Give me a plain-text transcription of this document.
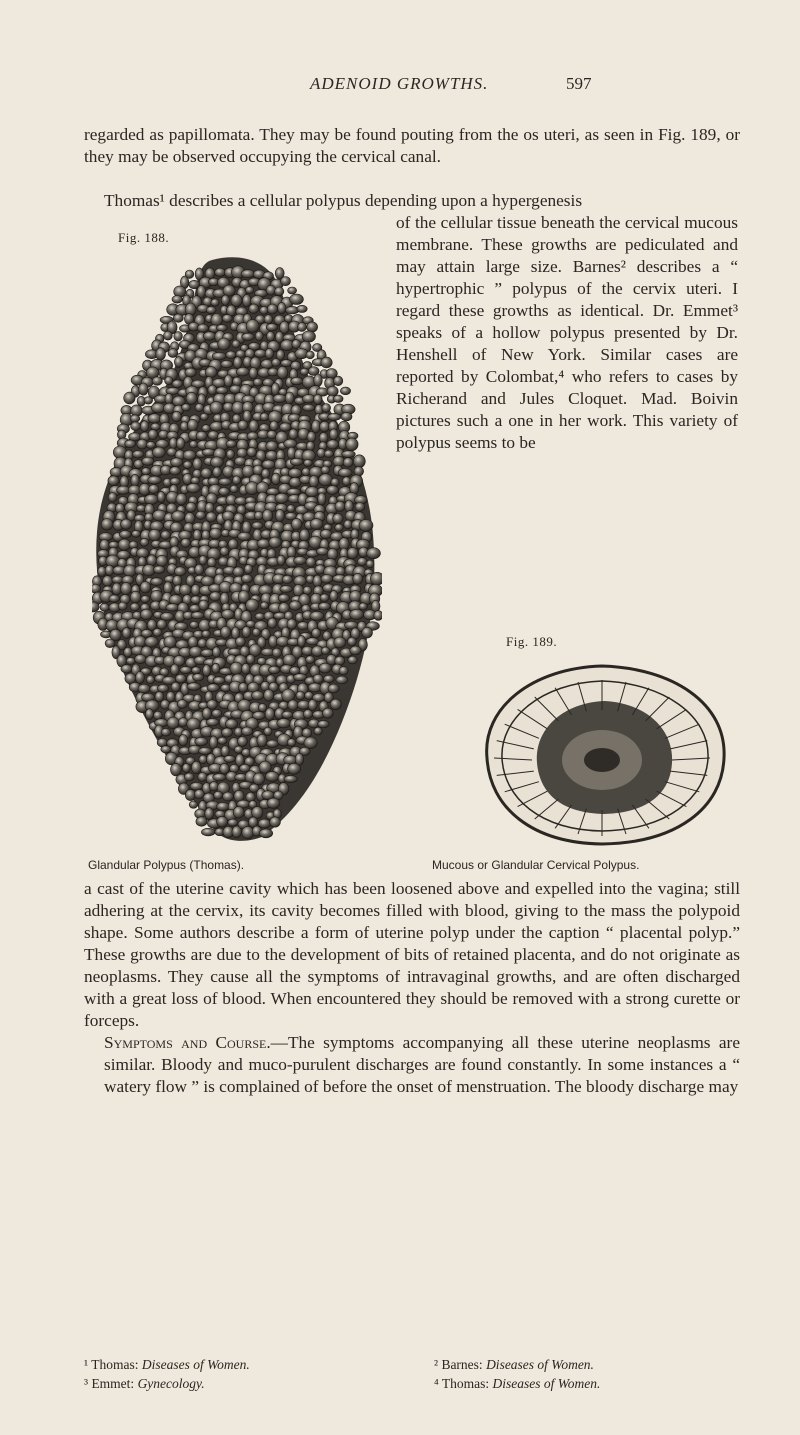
ADENOID GROWTHS.	597

regarded as papillomata. They may be found pouting from the os uteri, as seen in Fig. 189, or they may be observed occupying the cervical canal.

Thomas¹ describes a cellular polypus depending upon a hypergenesis

Fig. 188.
of the cellular tissue beneath the cervical mucous membrane. These growths are pediculated and may attain large size. Barnes² describes a “ hypertrophic ” polypus of the cervix uteri. I regard these growths as identical. Dr. Emmet³ speaks of a hollow polypus presented by Dr. Henshell of New York. Similar cases are reported by Colombat,⁴ who refers to cases by Richerand and Jules Cloquet. Mad. Boivin pictures such a one in her work. This variety of polypus seems to be
Fig. 189.
Glandular Polypus (Thomas).	Mucous or Glandular Cervical Polypus.

a cast of the uterine cavity which has been loosened above and expelled into the vagina; still adhering at the cervix, its cavity becomes filled with blood, giving to the mass the polypoid shape. Some authors describe a form of uterine polyp under the caption “ placental polyp.” These growths are due to the development of bits of retained placenta, and do not originate as neoplasms. They cause all the symptoms of intravaginal growths, and are often discharged with a great loss of blood. When encountered they should be removed with a strong curette or forceps.
Symptoms and Course.—The symptoms accompanying all these uterine neoplasms are similar. Bloody and muco-purulent discharges are found constantly. In some instances a “ watery flow ” is complained of before the onset of menstruation. The bloody discharge may

¹ Thomas: Diseases of Women.	² Barnes: Diseases of Women.
³ Emmet: Gynecology.	⁴ Thomas: Diseases of Women.
